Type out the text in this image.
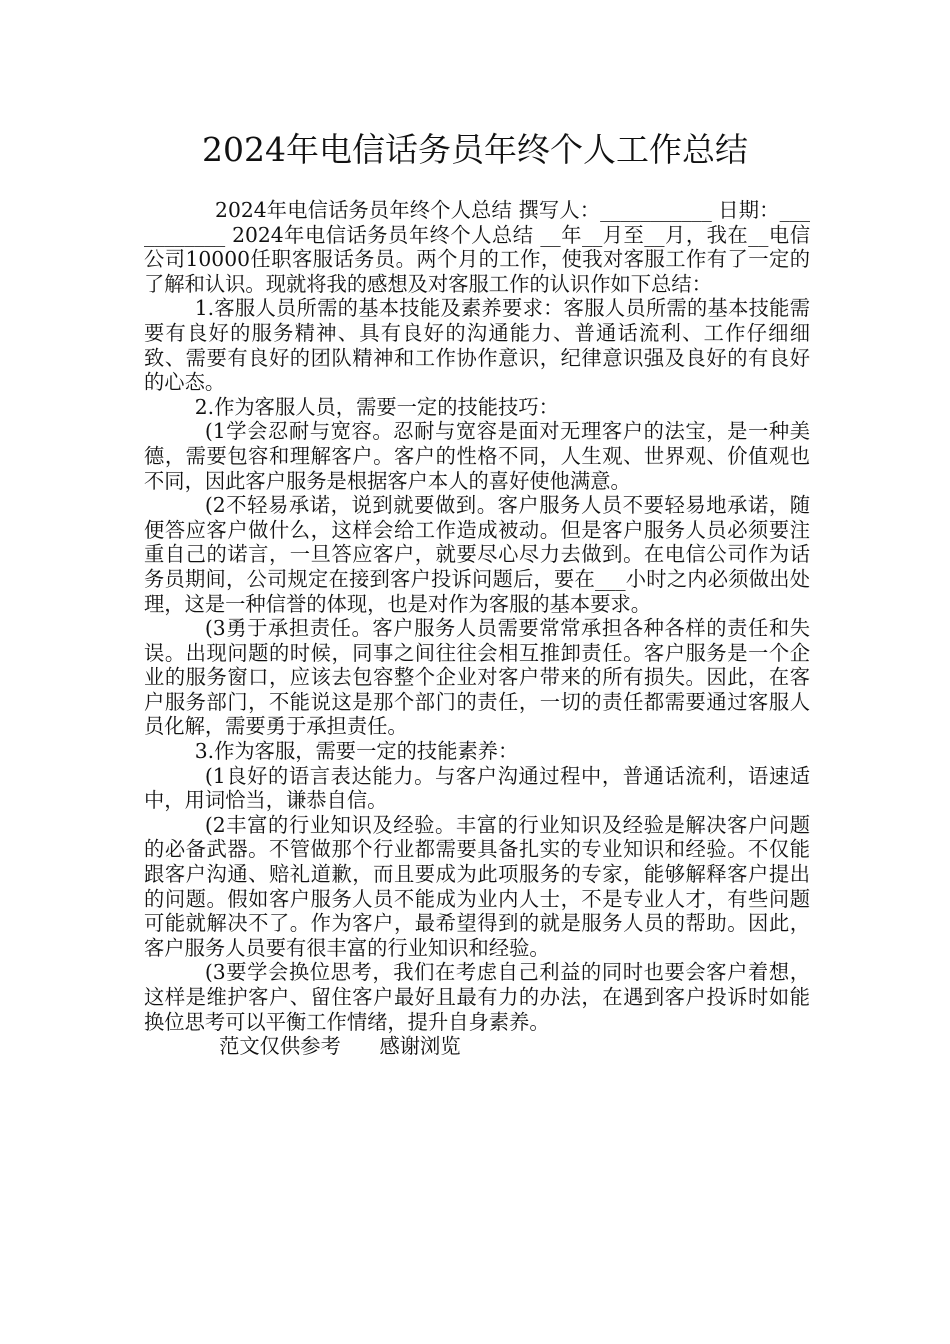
2024年电信话务员年终个人工作总结

2024年电信话务员年终个人总结 撰写人：___________ 日期：___________ 2024年电信话务员年终个人总结 __年__月至__月，我在__电信公司10000任职客服话务员。两个月的工作，使我对客服工作有了一定的了解和认识。现就将我的感想及对客服工作的认识作如下总结：

1.客服人员所需的基本技能及素养要求：客服人员所需的基本技能需要有良好的服务精神、具有良好的沟通能力、普通话流利、工作仔细细致、需要有良好的团队精神和工作协作意识，纪律意识强及良好的有良好的心态。

2.作为客服人员，需要一定的技能技巧：

(1学会忍耐与宽容。忍耐与宽容是面对无理客户的法宝，是一种美德，需要包容和理解客户。客户的性格不同，人生观、世界观、价值观也不同，因此客户服务是根据客户本人的喜好使他满意。

(2不轻易承诺，说到就要做到。客户服务人员不要轻易地承诺，随便答应客户做什么，这样会给工作造成被动。但是客户服务人员必须要注重自己的诺言，一旦答应客户，就要尽心尽力去做到。在电信公司作为话务员期间，公司规定在接到客户投诉问题后，要在___小时之内必须做出处理，这是一种信誉的体现，也是对作为客服的基本要求。

(3勇于承担责任。客户服务人员需要常常承担各种各样的责任和失误。出现问题的时候，同事之间往往会相互推卸责任。客户服务是一个企业的服务窗口，应该去包容整个企业对客户带来的所有损失。因此，在客户服务部门，不能说这是那个部门的责任，一切的责任都需要通过客服人员化解，需要勇于承担责任。

3.作为客服，需要一定的技能素养：

(1良好的语言表达能力。与客户沟通过程中，普通话流利，语速适中，用词恰当，谦恭自信。

(2丰富的行业知识及经验。丰富的行业知识及经验是解决客户问题的必备武器。不管做那个行业都需要具备扎实的专业知识和经验。不仅能跟客户沟通、赔礼道歉，而且要成为此项服务的专家，能够解释客户提出的问题。假如客户服务人员不能成为业内人士，不是专业人才，有些问题可能就解决不了。作为客户，最希望得到的就是服务人员的帮助。因此，客户服务人员要有很丰富的行业知识和经验。

(3要学会换位思考，我们在考虑自己利益的同时也要会客户着想，这样是维护客户、留住客户最好且最有力的办法，在遇到客户投诉时如能换位思考可以平衡工作情绪，提升自身素养。

范文仅供参考      感谢浏览
